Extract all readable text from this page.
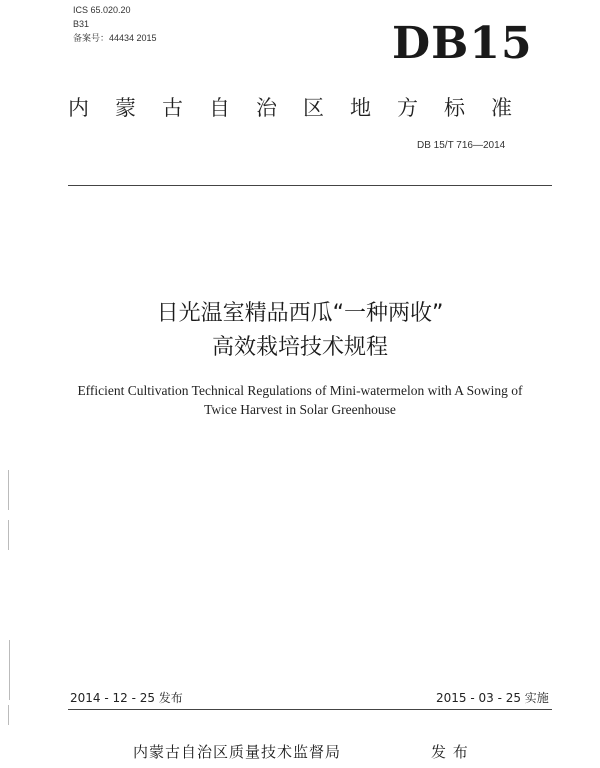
ICS 65.020.20
B31
备案号：44434 2015	DB15
内蒙古自治区地方标准
DB 15/T 716—2014
日光温室精品西瓜“一种两收”
高效栽培技术规程
Efficient Cultivation Technical Regulations of Mini-watermelon with A Sowing of
Twice Harvest in Solar Greenhouse
2014 - 12 - 25 发布	2015 - 03 - 25 实施
内蒙古自治区质量技术监督局	发 布
